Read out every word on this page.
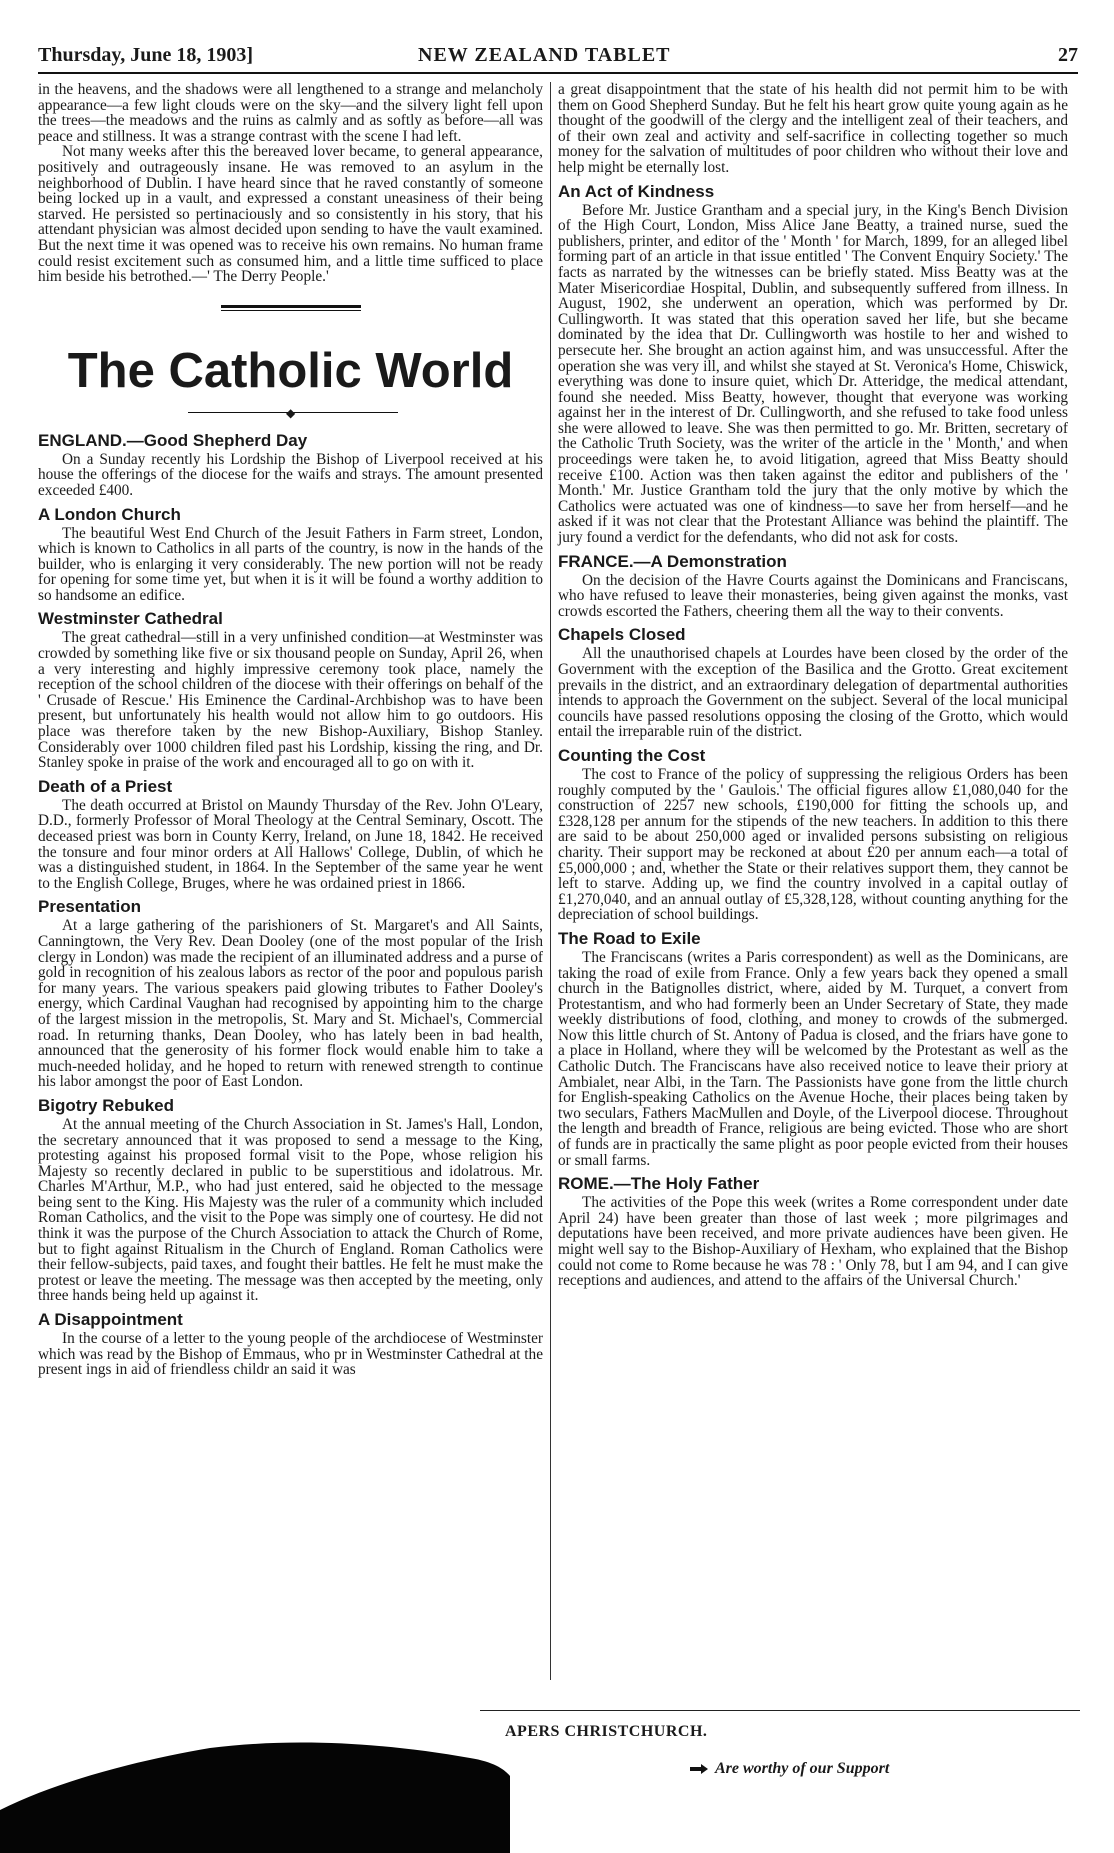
Thursday, June 18, 1903]	NEW ZEALAND TABLET	27

in the heavens, and the shadows were all lengthened to a strange and melancholy appearance—a few light clouds were on the sky—and the silvery light fell upon the trees—the meadows and the ruins as calmly and as softly as before—all was peace and stillness. It was a strange contrast with the scene I had left.

Not many weeks after this the bereaved lover became, to general appearance, positively and outrageously insane. He was removed to an asylum in the neighborhood of Dublin. I have heard since that he raved constantly of someone being locked up in a vault, and expressed a constant uneasiness of their being starved. He persisted so pertinaciously and so consistently in his story, that his attendant physician was almost decided upon sending to have the vault examined. But the next time it was opened was to receive his own remains. No human frame could resist excitement such as consumed him, and a little time sufficed to place him beside his betrothed.—' The Derry People.'

The Catholic World
◆
ENGLAND.—Good Shepherd Day

On a Sunday recently his Lordship the Bishop of Liverpool received at his house the offerings of the diocese for the waifs and strays. The amount presented exceeded £400.

A London Church

The beautiful West End Church of the Jesuit Fathers in Farm street, London, which is known to Catholics in all parts of the country, is now in the hands of the builder, who is enlarging it very considerably. The new portion will not be ready for opening for some time yet, but when it is it will be found a worthy addition to so handsome an edifice.

Westminster Cathedral

The great cathedral—still in a very unfinished condition—at Westminster was crowded by something like five or six thousand people on Sunday, April 26, when a very interesting and highly impressive ceremony took place, namely the reception of the school children of the diocese with their offerings on behalf of the ' Crusade of Rescue.' His Eminence the Cardinal-Archbishop was to have been present, but unfortunately his health would not allow him to go outdoors. His place was therefore taken by the new Bishop-Auxiliary, Bishop Stanley. Considerably over 1000 children filed past his Lordship, kissing the ring, and Dr. Stanley spoke in praise of the work and encouraged all to go on with it.

Death of a Priest

The death occurred at Bristol on Maundy Thursday of the Rev. John O'Leary, D.D., formerly Professor of Moral Theology at the Central Seminary, Oscott. The deceased priest was born in County Kerry, Ireland, on June 18, 1842. He received the tonsure and four minor orders at All Hallows' College, Dublin, of which he was a distinguished student, in 1864. In the September of the same year he went to the English College, Bruges, where he was ordained priest in 1866.

Presentation

At a large gathering of the parishioners of St. Margaret's and All Saints, Canningtown, the Very Rev. Dean Dooley (one of the most popular of the Irish clergy in London) was made the recipient of an illuminated address and a purse of gold in recognition of his zealous labors as rector of the poor and populous parish for many years. The various speakers paid glowing tributes to Father Dooley's energy, which Cardinal Vaughan had recognised by appointing him to the charge of the largest mission in the metropolis, St. Mary and St. Michael's, Commercial road. In returning thanks, Dean Dooley, who has lately been in bad health, announced that the generosity of his former flock would enable him to take a much-needed holiday, and he hoped to return with renewed strength to continue his labor amongst the poor of East London.

Bigotry Rebuked

At the annual meeting of the Church Association in St. James's Hall, London, the secretary announced that it was proposed to send a message to the King, protesting against his proposed formal visit to the Pope, whose religion his Majesty so recently declared in public to be superstitious and idolatrous. Mr. Charles M'Arthur, M.P., who had just entered, said he objected to the message being sent to the King. His Majesty was the ruler of a community which included Roman Catholics, and the visit to the Pope was simply one of courtesy. He did not think it was the purpose of the Church Association to attack the Church of Rome, but to fight against Ritualism in the Church of England. Roman Catholics were their fellow-subjects, paid taxes, and fought their battles. He felt he must make the protest or leave the meeting. The message was then accepted by the meeting, only three hands being held up against it.

A Disappointment

In the course of a letter to the young people of the archdiocese of Westminster which was read by the Bishop of Emmaus, who pr in Westminster Cathedral at the present ings in aid of friendless childr an said it was

a great disappointment that the state of his health did not permit him to be with them on Good Shepherd Sunday. But he felt his heart grow quite young again as he thought of the goodwill of the clergy and the intelligent zeal of their teachers, and of their own zeal and activity and self-sacrifice in collecting together so much money for the salvation of multitudes of poor children who without their love and help might be eternally lost.

An Act of Kindness

Before Mr. Justice Grantham and a special jury, in the King's Bench Division of the High Court, London, Miss Alice Jane Beatty, a trained nurse, sued the publishers, printer, and editor of the ' Month ' for March, 1899, for an alleged libel forming part of an article in that issue entitled ' The Convent Enquiry Society.' The facts as narrated by the witnesses can be briefly stated. Miss Beatty was at the Mater Misericordiae Hospital, Dublin, and subsequently suffered from illness. In August, 1902, she underwent an operation, which was performed by Dr. Cullingworth. It was stated that this operation saved her life, but she became dominated by the idea that Dr. Cullingworth was hostile to her and wished to persecute her. She brought an action against him, and was unsuccessful. After the operation she was very ill, and whilst she stayed at St. Veronica's Home, Chiswick, everything was done to insure quiet, which Dr. Atteridge, the medical attendant, found she needed. Miss Beatty, however, thought that everyone was working against her in the interest of Dr. Cullingworth, and she refused to take food unless she were allowed to leave. She was then permitted to go. Mr. Britten, secretary of the Catholic Truth Society, was the writer of the article in the ' Month,' and when proceedings were taken he, to avoid litigation, agreed that Miss Beatty should receive £100. Action was then taken against the editor and publishers of the ' Month.' Mr. Justice Grantham told the jury that the only motive by which the Catholics were actuated was one of kindness—to save her from herself—and he asked if it was not clear that the Protestant Alliance was behind the plaintiff. The jury found a verdict for the defendants, who did not ask for costs.

FRANCE.—A Demonstration

On the decision of the Havre Courts against the Dominicans and Franciscans, who have refused to leave their monasteries, being given against the monks, vast crowds escorted the Fathers, cheering them all the way to their convents.

Chapels Closed

All the unauthorised chapels at Lourdes have been closed by the order of the Government with the exception of the Basilica and the Grotto. Great excitement prevails in the district, and an extraordinary delegation of departmental authorities intends to approach the Government on the subject. Several of the local municipal councils have passed resolutions opposing the closing of the Grotto, which would entail the irreparable ruin of the district.

Counting the Cost

The cost to France of the policy of suppressing the religious Orders has been roughly computed by the ' Gaulois.' The official figures allow £1,080,040 for the construction of 2257 new schools, £190,000 for fitting the schools up, and £328,128 per annum for the stipends of the new teachers. In addition to this there are said to be about 250,000 aged or invalided persons subsisting on religious charity. Their support may be reckoned at about £20 per annum each—a total of £5,000,000 ; and, whether the State or their relatives support them, they cannot be left to starve. Adding up, we find the country involved in a capital outlay of £1,270,040, and an annual outlay of £5,328,128, without counting anything for the depreciation of school buildings.

The Road to Exile

The Franciscans (writes a Paris correspondent) as well as the Dominicans, are taking the road of exile from France. Only a few years back they opened a small church in the Batignolles district, where, aided by M. Turquet, a convert from Protestantism, and who had formerly been an Under Secretary of State, they made weekly distributions of food, clothing, and money to crowds of the submerged. Now this little church of St. Antony of Padua is closed, and the friars have gone to a place in Holland, where they will be welcomed by the Protestant as well as the Catholic Dutch. The Franciscans have also received notice to leave their priory at Ambialet, near Albi, in the Tarn. The Passionists have gone from the little church for English-speaking Catholics on the Avenue Hoche, their places being taken by two seculars, Fathers MacMullen and Doyle, of the Liverpool diocese. Throughout the length and breadth of France, religious are being evicted. Those who are short of funds are in practically the same plight as poor people evicted from their houses or small farms.

ROME.—The Holy Father

The activities of the Pope this week (writes a Rome correspondent under date April 24) have been greater than those of last week ; more pilgrimages and deputations have been received, and more private audiences have been given. He might well say to the Bishop-Auxiliary of Hexham, who explained that the Bishop could not come to Rome because he was 78 : ' Only 78, but I am 94, and I can give receptions and audiences, and attend to the affairs of the Universal Church.'

APERS CHRISTCHURCH.
Are worthy of our Support
